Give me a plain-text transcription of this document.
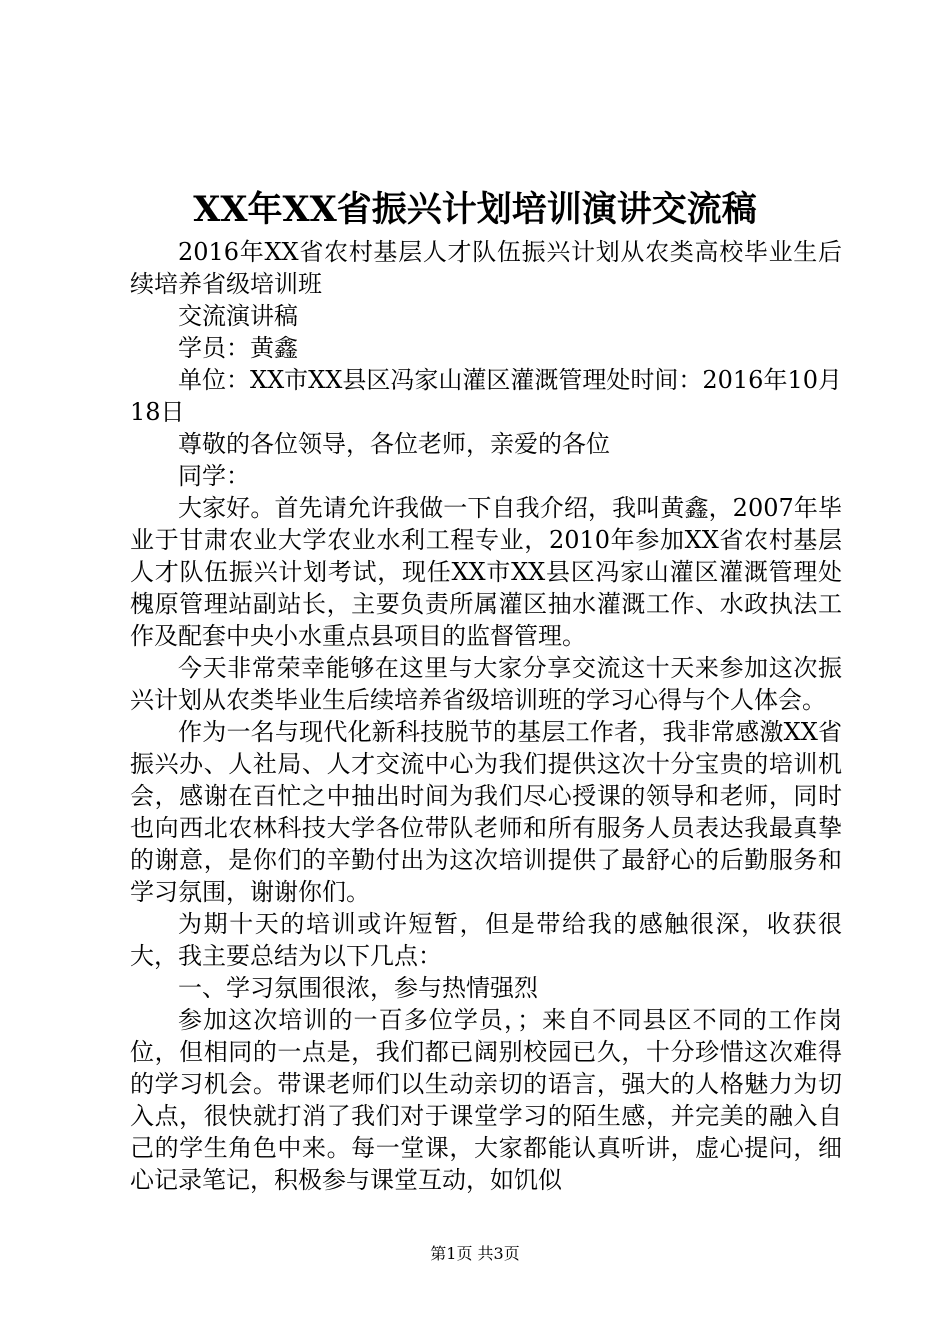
XX年XX省振兴计划培训演讲交流稿

2016年XX省农村基层人才队伍振兴计划从农类高校毕业生后续培养省级培训班

交流演讲稿

学员：黄鑫

单位：XX市XX县区冯家山灌区灌溉管理处时间：2016年10月18日

尊敬的各位领导，各位老师，亲爱的各位

同学：

大家好。首先请允许我做一下自我介绍，我叫黄鑫，2007年毕业于甘肃农业大学农业水利工程专业，2010年参加XX省农村基层人才队伍振兴计划考试，现任XX市XX县区冯家山灌区灌溉管理处槐原管理站副站长，主要负责所属灌区抽水灌溉工作、水政执法工作及配套中央小水重点县项目的监督管理。

今天非常荣幸能够在这里与大家分享交流这十天来参加这次振兴计划从农类毕业生后续培养省级培训班的学习心得与个人体会。

作为一名与现代化新科技脱节的基层工作者，我非常感激XX省振兴办、人社局、人才交流中心为我们提供这次十分宝贵的培训机会，感谢在百忙之中抽出时间为我们尽心授课的领导和老师，同时也向西北农林科技大学各位带队老师和所有服务人员表达我最真挚的谢意，是你们的辛勤付出为这次培训提供了最舒心的后勤服务和学习氛围，谢谢你们。

为期十天的培训或许短暂，但是带给我的感触很深，收获很大，我主要总结为以下几点：

一、学习氛围很浓，参与热情强烈

参加这次培训的一百多位学员，；来自不同县区不同的工作岗位，但相同的一点是，我们都已阔别校园已久，十分珍惜这次难得的学习机会。带课老师们以生动亲切的语言，强大的人格魅力为切入点，很快就打消了我们对于课堂学习的陌生感，并完美的融入自己的学生角色中来。每一堂课，大家都能认真听讲，虚心提问，细心记录笔记，积极参与课堂互动，如饥似

第1页 共3页
